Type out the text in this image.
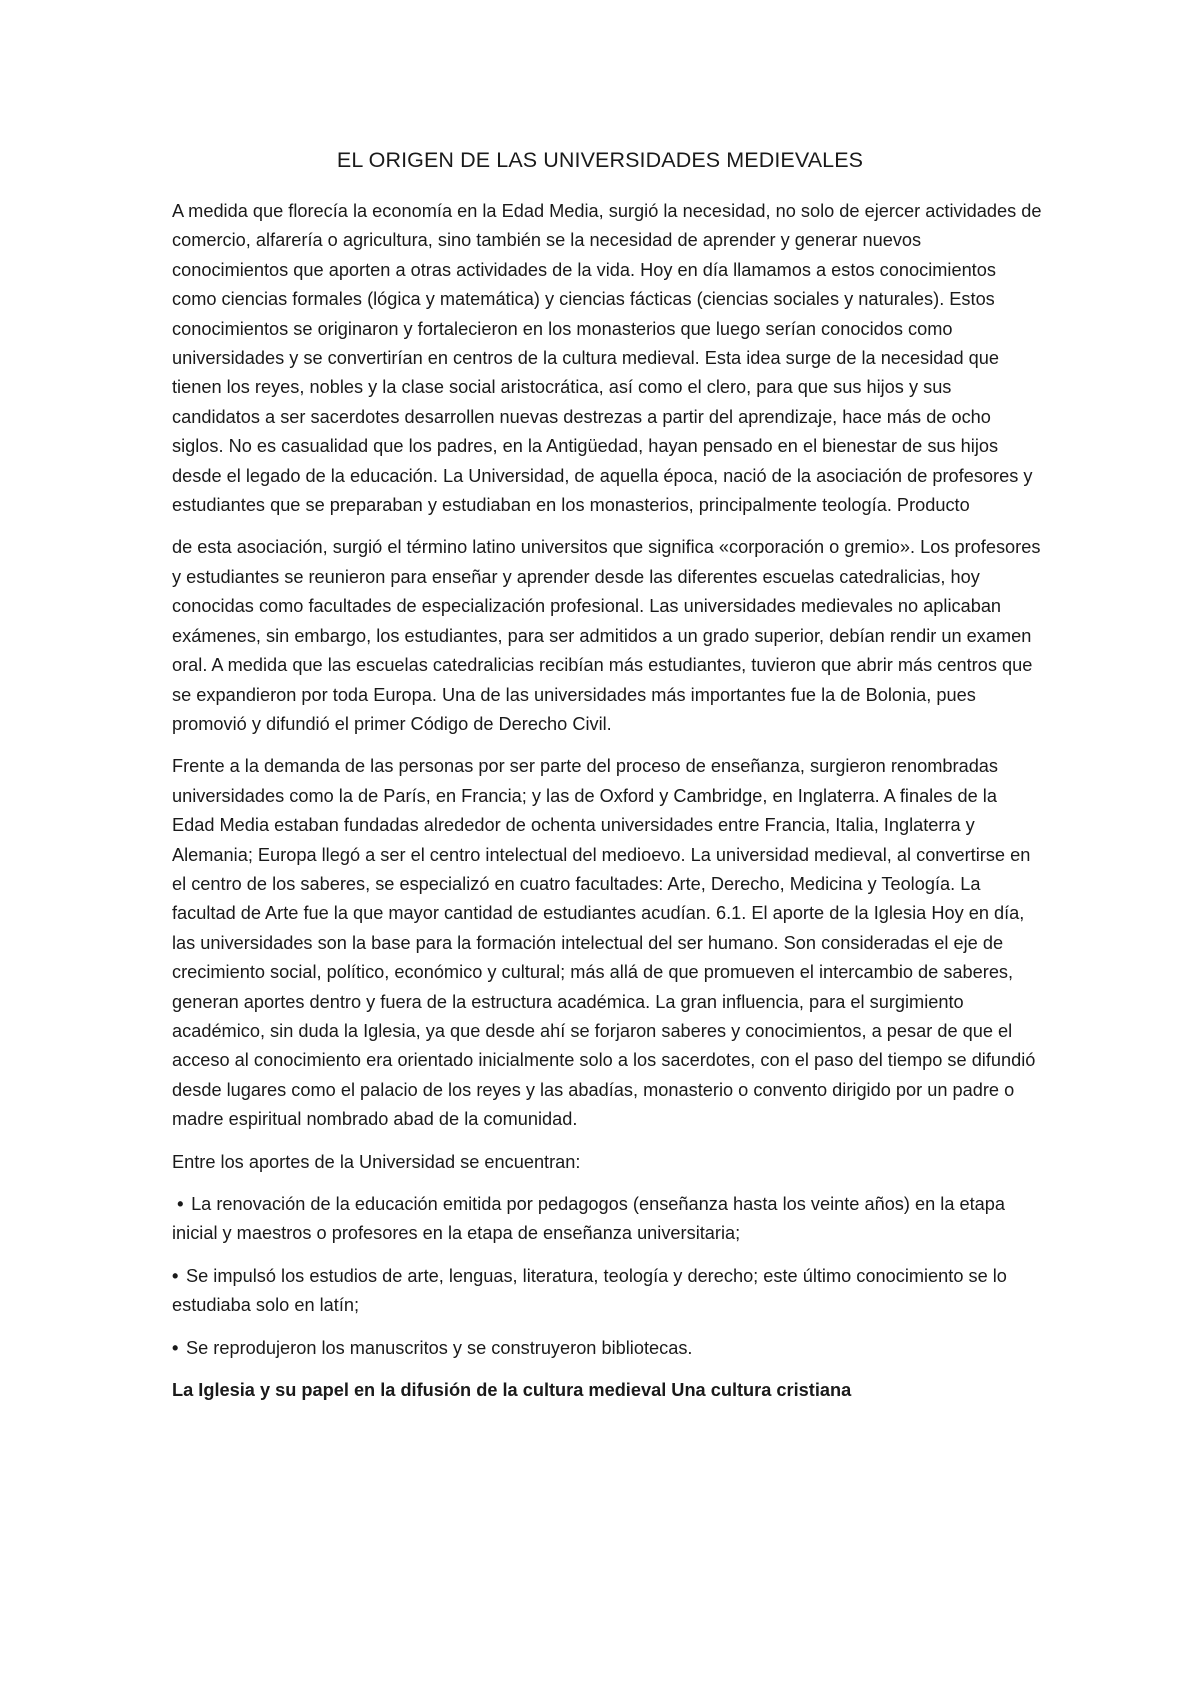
EL ORIGEN DE LAS UNIVERSIDADES MEDIEVALES

A medida que florecía la economía en la Edad Media, surgió la necesidad, no solo de ejercer actividades de comercio, alfarería o agricultura, sino también se la necesidad de aprender y generar nuevos conocimientos que aporten a otras actividades de la vida. Hoy en día llamamos a estos conocimientos como ciencias formales (lógica y matemática) y ciencias fácticas (ciencias sociales y naturales). Estos conocimientos se originaron y fortalecieron en los monasterios que luego serían conocidos como universidades y se convertirían en centros de la cultura medieval. Esta idea surge de la necesidad que tienen los reyes, nobles y la clase social aristocrática, así como el clero, para que sus hijos y sus candidatos a ser sacerdotes desarrollen nuevas destrezas a partir del aprendizaje, hace más de ocho siglos. No es casualidad que los padres, en la Antigüedad, hayan pensado en el bienestar de sus hijos desde el legado de la educación. La Universidad, de aquella época, nació de la asociación de profesores y estudiantes que se preparaban y estudiaban en los monasterios, principalmente teología. Producto

de esta asociación, surgió el término latino universitos que significa «corporación o gremio». Los profesores y estudiantes se reunieron para enseñar y aprender desde las diferentes escuelas catedralicias, hoy conocidas como facultades de especialización profesional. Las universidades medievales no aplicaban exámenes, sin embargo, los estudiantes, para ser admitidos a un grado superior, debían rendir un examen oral. A medida que las escuelas catedralicias recibían más estudiantes, tuvieron que abrir más centros que se expandieron por toda Europa. Una de las universidades más importantes fue la de Bolonia, pues promovió y difundió el primer Código de Derecho Civil.

Frente a la demanda de las personas por ser parte del proceso de enseñanza, surgieron renombradas universidades como la de París, en Francia; y las de Oxford y Cambridge, en Inglaterra. A finales de la Edad Media estaban fundadas alrededor de ochenta universidades entre Francia, Italia, Inglaterra y Alemania; Europa llegó a ser el centro intelectual del medioevo. La universidad medieval, al convertirse en el centro de los saberes, se especializó en cuatro facultades: Arte, Derecho, Medicina y Teología. La facultad de Arte fue la que mayor cantidad de estudiantes acudían. 6.1. El aporte de la Iglesia Hoy en día, las universidades son la base para la formación intelectual del ser humano. Son consideradas el eje de crecimiento social, político, económico y cultural; más allá de que promueven el intercambio de saberes, generan aportes dentro y fuera de la estructura académica. La gran influencia, para el surgimiento académico, sin duda la Iglesia, ya que desde ahí se forjaron saberes y conocimientos, a pesar de que el acceso al conocimiento era orientado inicialmente solo a los sacerdotes, con el paso del tiempo se difundió desde lugares como el palacio de los reyes y las abadías, monasterio o convento dirigido por un padre o madre espiritual nombrado abad de la comunidad.

Entre los aportes de la Universidad se encuentran:

• La renovación de la educación emitida por pedagogos (enseñanza hasta los veinte años) en la etapa inicial y maestros o profesores en la etapa de enseñanza universitaria;
• Se impulsó los estudios de arte, lenguas, literatura, teología y derecho; este último conocimiento se lo estudiaba solo en latín;
• Se reprodujeron los manuscritos y se construyeron bibliotecas.

La Iglesia y su papel en la difusión de la cultura medieval Una cultura cristiana
